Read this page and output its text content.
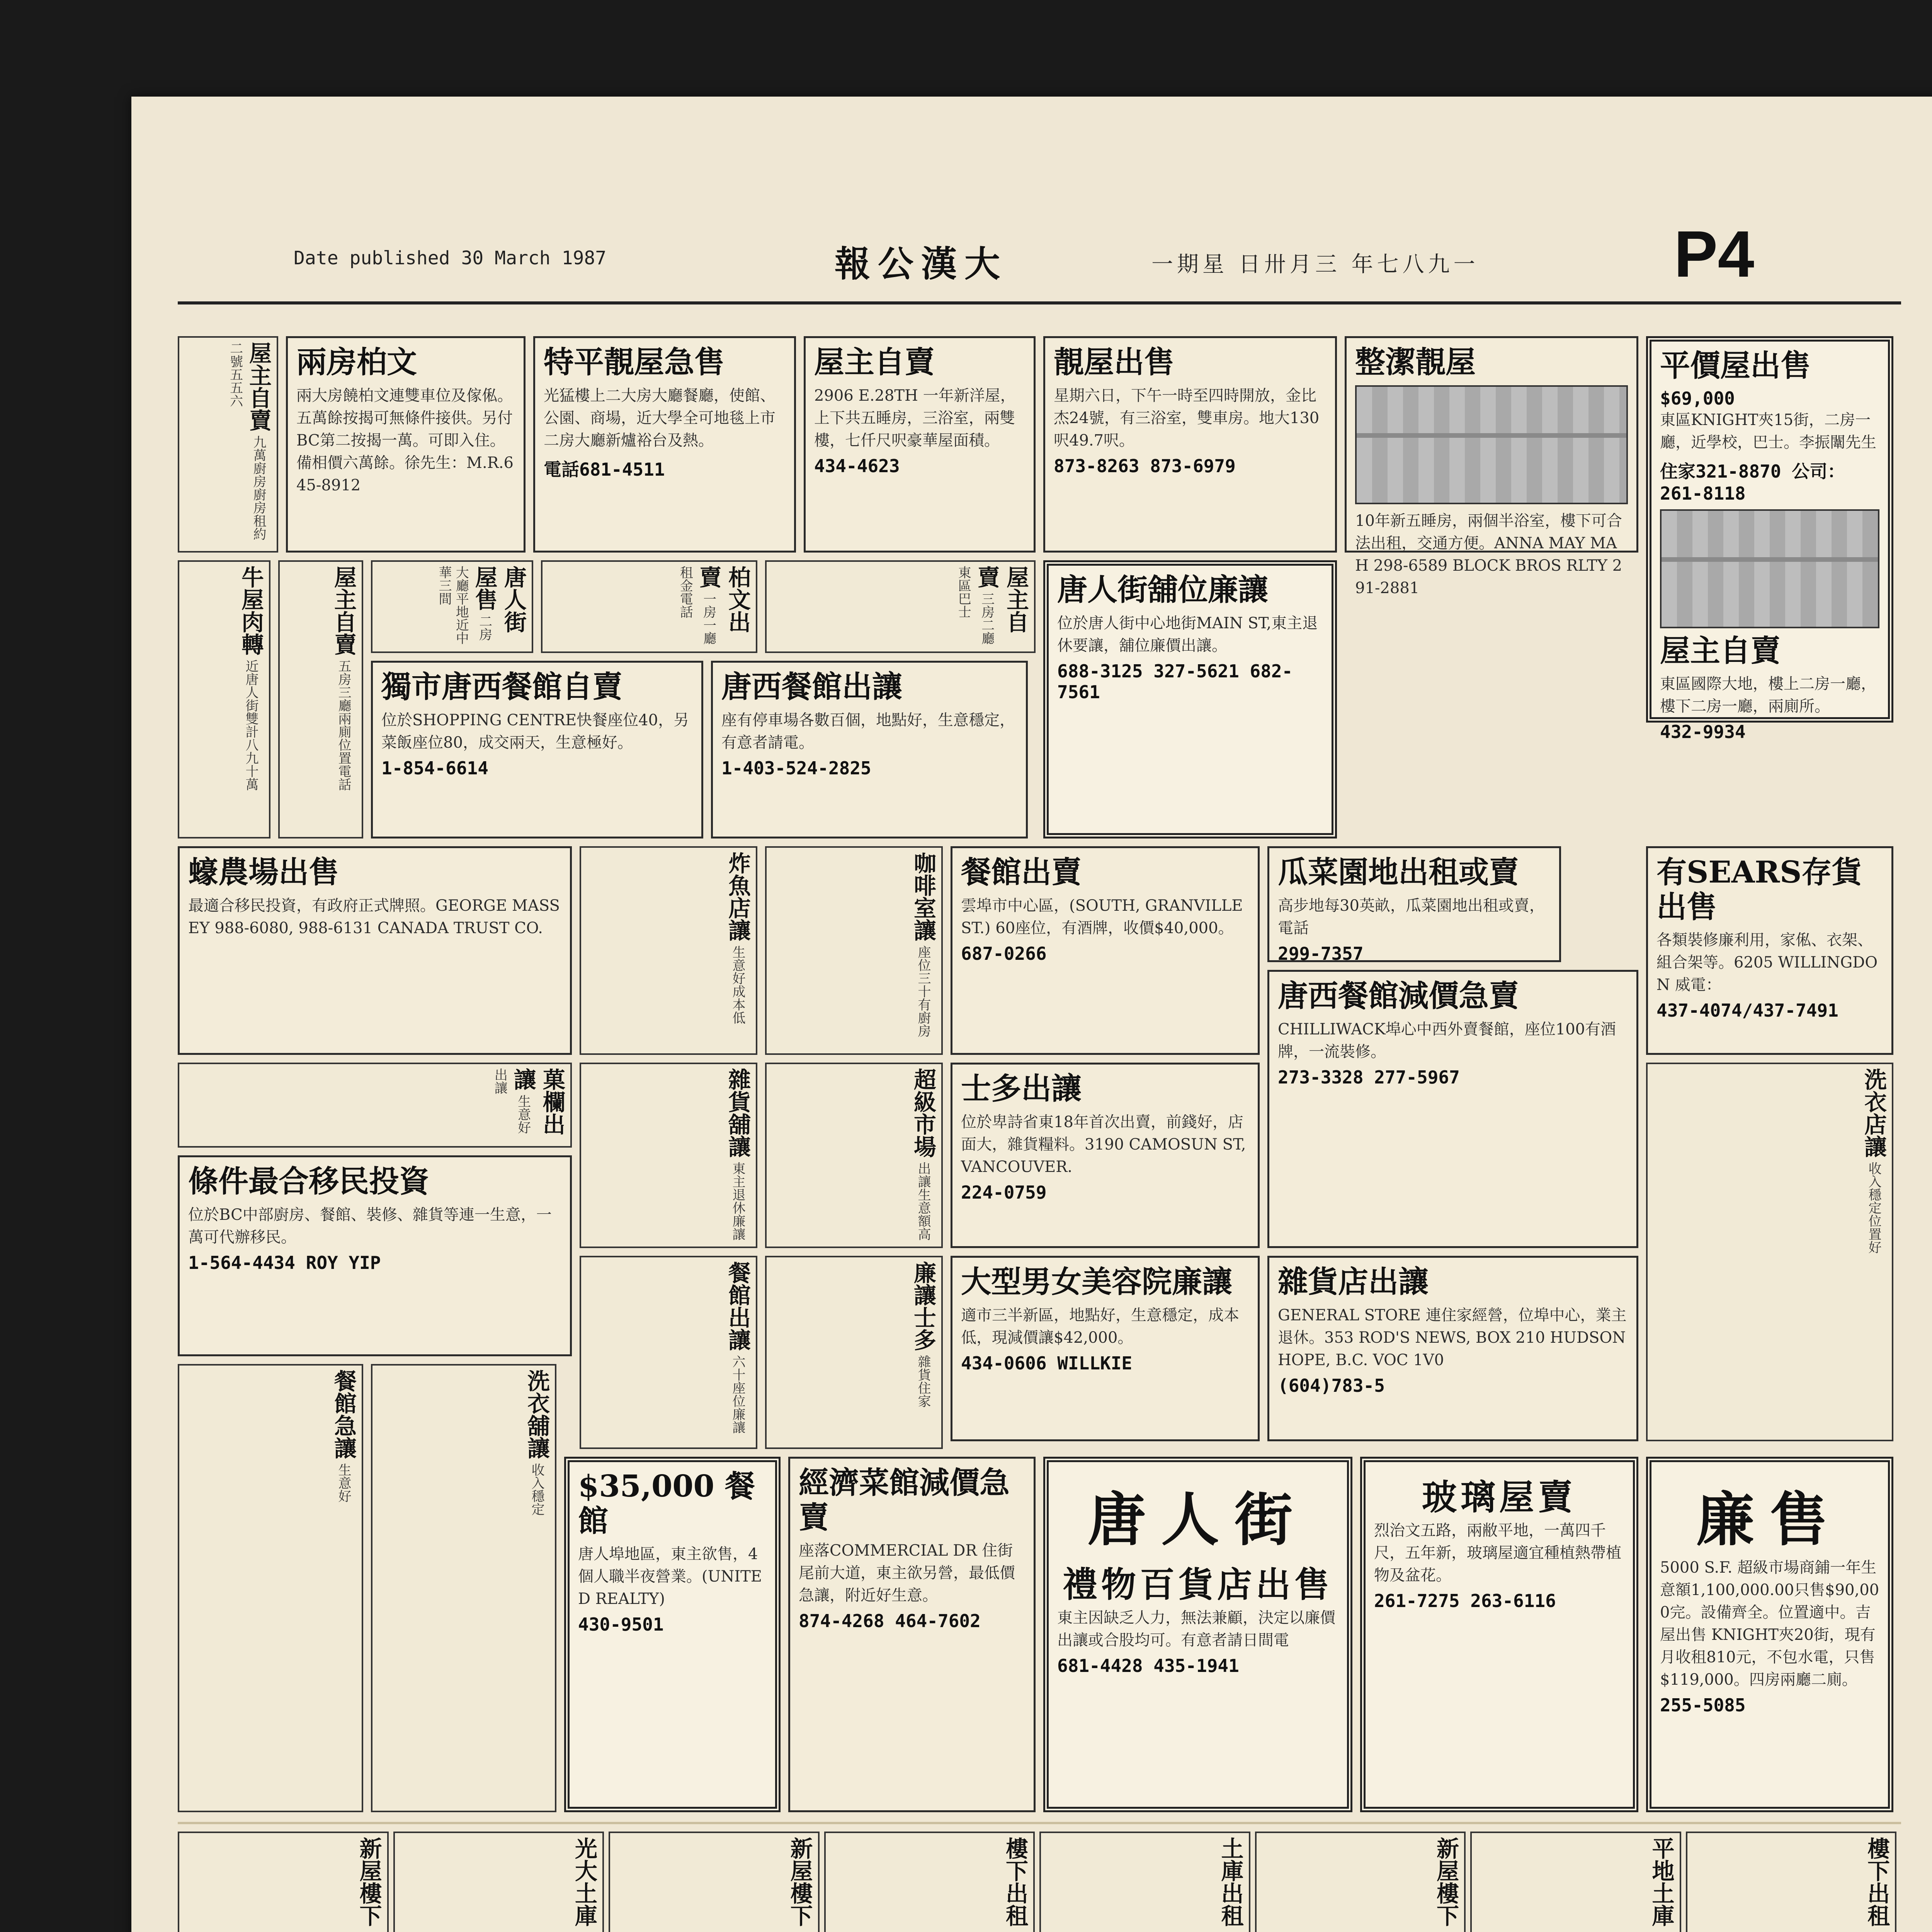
Date published 30 March 1987	報公漢大	一期星 日卅月三 年七八九一	P4
兩房柏文
兩大房饒柏文連雙車位及傢俬。五萬餘按揭可無條件接供。另付BC第二按揭一萬。可即入住。備相價六萬餘。徐先生：M.R.645-8912
特平靚屋急售
光猛樓上二大房大廳餐廳，使館、公園、商場，近大學全可地毯上市二房大廳新爐裕台及熱。
電話681-4511
屋主自賣
2906 E.28TH 一年新洋屋，上下共五睡房，三浴室，兩雙樓，七仟尺呎豪華屋面積。
434-4623
靚屋出售
星期六日，下午一時至四時開放，金比杰24號，有三浴室，雙車房。地大130呎49.7呎。
873-8263 873-6979
整潔靚屋
10年新五睡房，兩個半浴室，樓下可合法出租，交通方便。ANNA MAY MAH 298-6589 BLOCK BROS RLTY 291-2881
平價屋出售
$69,000
東區KNIGHT夾15街，二房一廳，近學校，巴士。李振闈先生
住家321-8870 公司：261-8118
屋主自賣
東區國際大地，樓上二房一廳，樓下二房一廳，兩廁所。
432-9934
唐人街舖位廉讓
位於唐人街中心地街MAIN ST,東主退休要讓，舖位廉價出讓。
688-3125 327-5621 682-7561
獨市唐西餐館自賣
位於SHOPPING CENTRE快餐座位40，另菜飯座位80，成交兩天，生意極好。
1-854-6614
唐西餐館出讓
座有停車場各數百個，地點好，生意穩定，有意者請電。
1-403-524-2825
蠔農場出售
最適合移民投資，有政府正式牌照。GEORGE MASSEY 988-6080, 988-6131 CANADA TRUST CO.
餐館出賣
雲埠市中心區，(SOUTH, GRANVILLE ST.) 60座位，有酒牌，收價$40,000。
687-0266
瓜菜園地出租或賣
高步地每30英畝，瓜菜園地出租或賣，電話
299-7357
有SEARS存貨出售
各類裝修廉利用，家俬、衣架、組合架等。6205 WILLINGDON 威電：
437-4074/437-7491
士多出讓
位於卑詩省東18年首次出賣，前錢好，店面大，雜貨糧料。3190 CAMOSUN ST, VANCOUVER.
224-0759
唐西餐館減價急賣
CHILLIWACK埠心中西外賣餐館，座位100有酒牌，一流裝修。
273-3328 277-5967
條件最合移民投資
位於BC中部廚房、餐館、裝修、雜貨等連一生意，一萬可代辦移民。
1-564-4434 ROY YIP
大型男女美容院廉讓
適市三半新區，地點好，生意穩定，成本低，現減價讓$42,000。
434-0606 WILLKIE
雜貨店出讓
GENERAL STORE 連住家經營，位埠中心，業主退休。353 ROD'S NEWS, BOX 210 HUDSON HOPE, B.C. VOC 1V0
(604)783-5
$35,000 餐館
唐人埠地區，東主欲售，4個人職半夜營業。(UNITED REALTY)
430-9501
經濟菜館減價急賣
座落COMMERCIAL DR 住街尾前大道，東主欲另營，最低價急讓，附近好生意。
874-4268 464-7602
唐人街
禮物百貨店出售
東主因缺乏人力，無法兼顧，決定以廉價出讓或合股均可。有意者請日間電
681-4428 435-1941
玻璃屋賣
烈治文五路，兩敝平地，一萬四千尺，五年新，玻璃屋適宜種植熱帶植物及盆花。
261-7275 263-6116
廉售
5000 S.F. 超級市場商鋪一年生意額1,100,000.00只售$90,000完。設備齊全。位置適中。吉屋出售 KNIGHT夾20街，現有月收租810元，不包水電，只售$119,000。四房兩廳二廁。
255-5085
屋主自賣 九萬廚房廚房租約二號五五六
牛屋肉轉 近唐人街雙計八九十萬
屋主自賣 五房三廳兩廁位置電話
唐人街屋售 二房大廳平地近中華三間	柏文出賣 一房一廳租金電話	屋主自賣 三房二廳東區巴士
炸魚店讓 生意好成本低
咖啡室讓 座位三十有廚房
洗衣店讓 收入穩定位置好
菓欄出讓 生意好出讓	雜貨舖讓 東主退休廉讓
超級市場 出讓生意額高
餐館出讓 六十座位廉讓
廉讓士多 雜貨住家
餐館急讓 生意好
洗衣舖讓 收入穩定
新屋樓下	光大土庫	新屋樓下	樓下出租	土庫出租	新屋樓下	平地土庫	樓下出租
